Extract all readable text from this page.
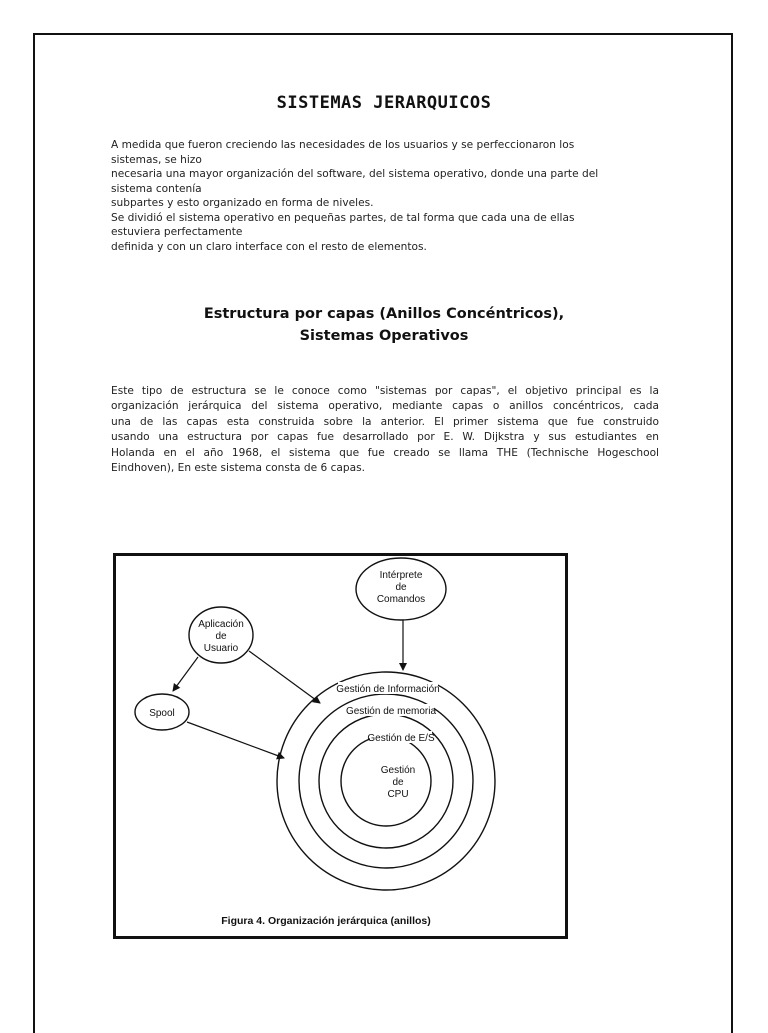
SISTEMAS JERARQUICOS
A medida que fueron creciendo las necesidades de los usuarios y se perfeccionaron los
sistemas, se hizo
necesaria una mayor organización del software, del sistema operativo, donde una parte del
sistema contenía
subpartes y esto organizado en forma de niveles.
Se dividió el sistema operativo en pequeñas partes, de tal forma que cada una de ellas
estuviera perfectamente
definida y con un claro interface con el resto de elementos.
Estructura por capas (Anillos Concéntricos),
Sistemas Operativos
Este tipo de estructura se le conoce como "sistemas por capas", el objetivo principal es la
organización jerárquica del sistema operativo, mediante capas o anillos concéntricos, cada
una de las capas esta construida sobre la anterior. El primer sistema que fue construido
usando una estructura por capas fue desarrollado por E. W. Dijkstra y sus estudiantes en
Holanda en el año 1968, el sistema que fue creado se llama THE (Technische Hogeschool
Eindhoven), En este sistema consta de 6 capas.
Gestión de Información
Gestión de memoria
Gestión de E/S
Gestión
de
CPU
Intérprete
de
Comandos
Aplicación
de
Usuario
Spool
Figura 4. Organización jerárquica (anillos)
